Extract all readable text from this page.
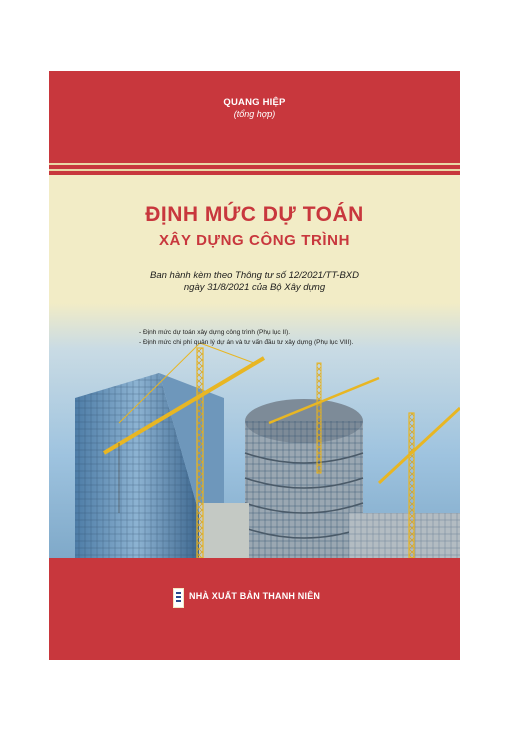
QUANG HIỆP
(tổng hợp)
ĐỊNH MỨC DỰ TOÁN
XÂY DỰNG CÔNG TRÌNH
Ban hành kèm theo Thông tư số 12/2021/TT-BXD
ngày 31/8/2021 của Bộ Xây dựng
- Định mức dự toán xây dựng công trình (Phụ lục II).
- Định mức chi phí quản lý dự án và tư vấn đầu tư xây dựng (Phụ lục VIII).
NHÀ XUẤT BẢN THANH NIÊN
